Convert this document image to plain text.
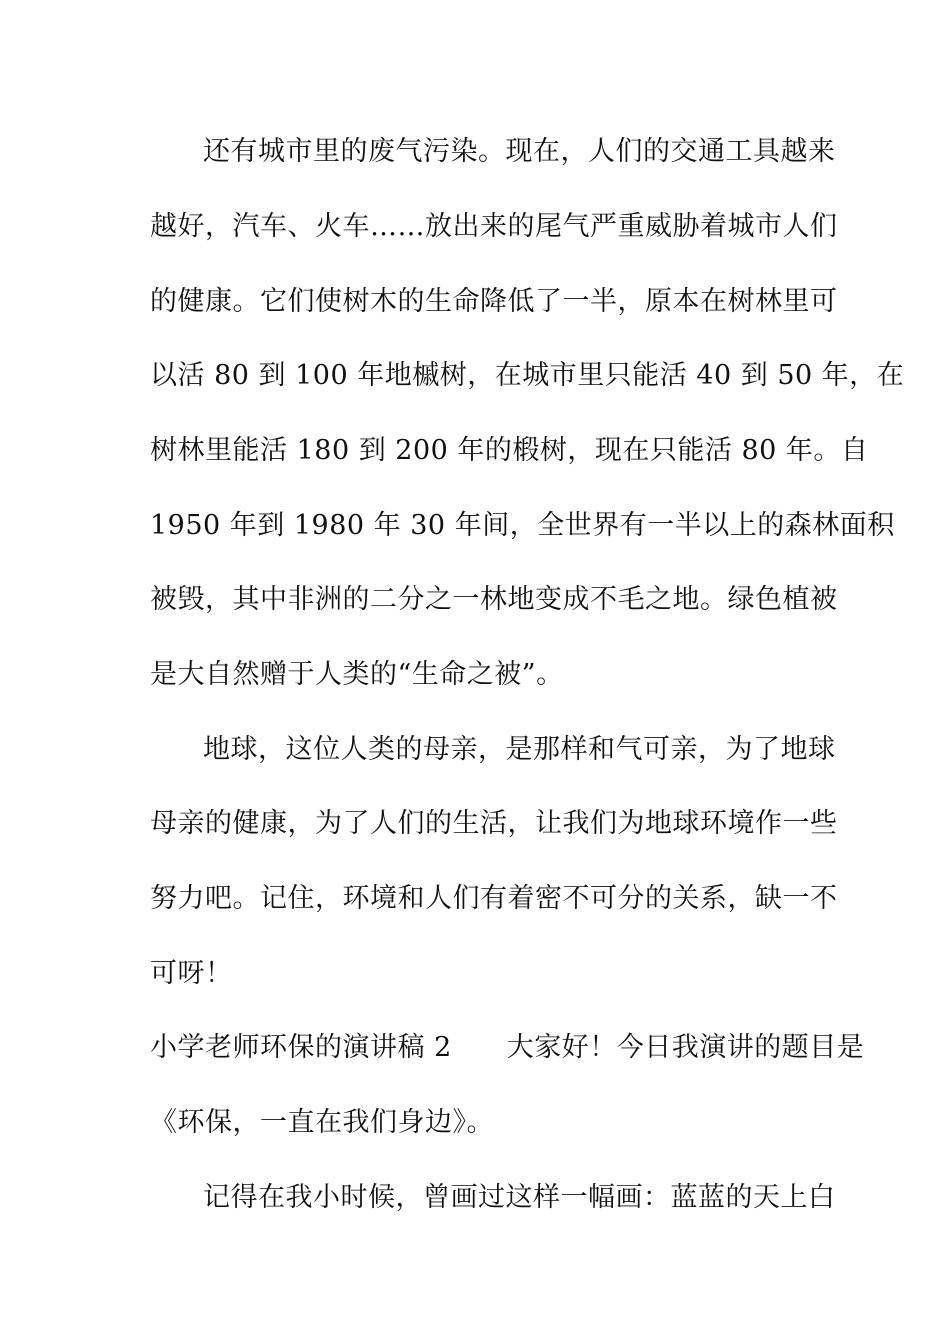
还有城市里的废气污染。现在，人们的交通工具越来
越好，汽车、火车……放出来的尾气严重威胁着城市人们
的健康。它们使树木的生命降低了一半，原本在树林里可
以活 80 到 100 年地槭树，在城市里只能活 40 到 50 年，在
树林里能活 180 到 200 年的椴树，现在只能活 80 年。自
1950 年到 1980 年 30 年间，全世界有一半以上的森林面积
被毁，其中非洲的二分之一林地变成不毛之地。绿色植被
是大自然赠于人类的“生命之被”。
地球，这位人类的母亲，是那样和气可亲，为了地球
母亲的健康，为了人们的生活，让我们为地球环境作一些
努力吧。记住，环境和人们有着密不可分的关系，缺一不
可呀！
小学老师环保的演讲稿 2　　大家好！今日我演讲的题目是
《环保，一直在我们身边》。
记得在我小时候，曾画过这样一幅画：蓝蓝的天上白
